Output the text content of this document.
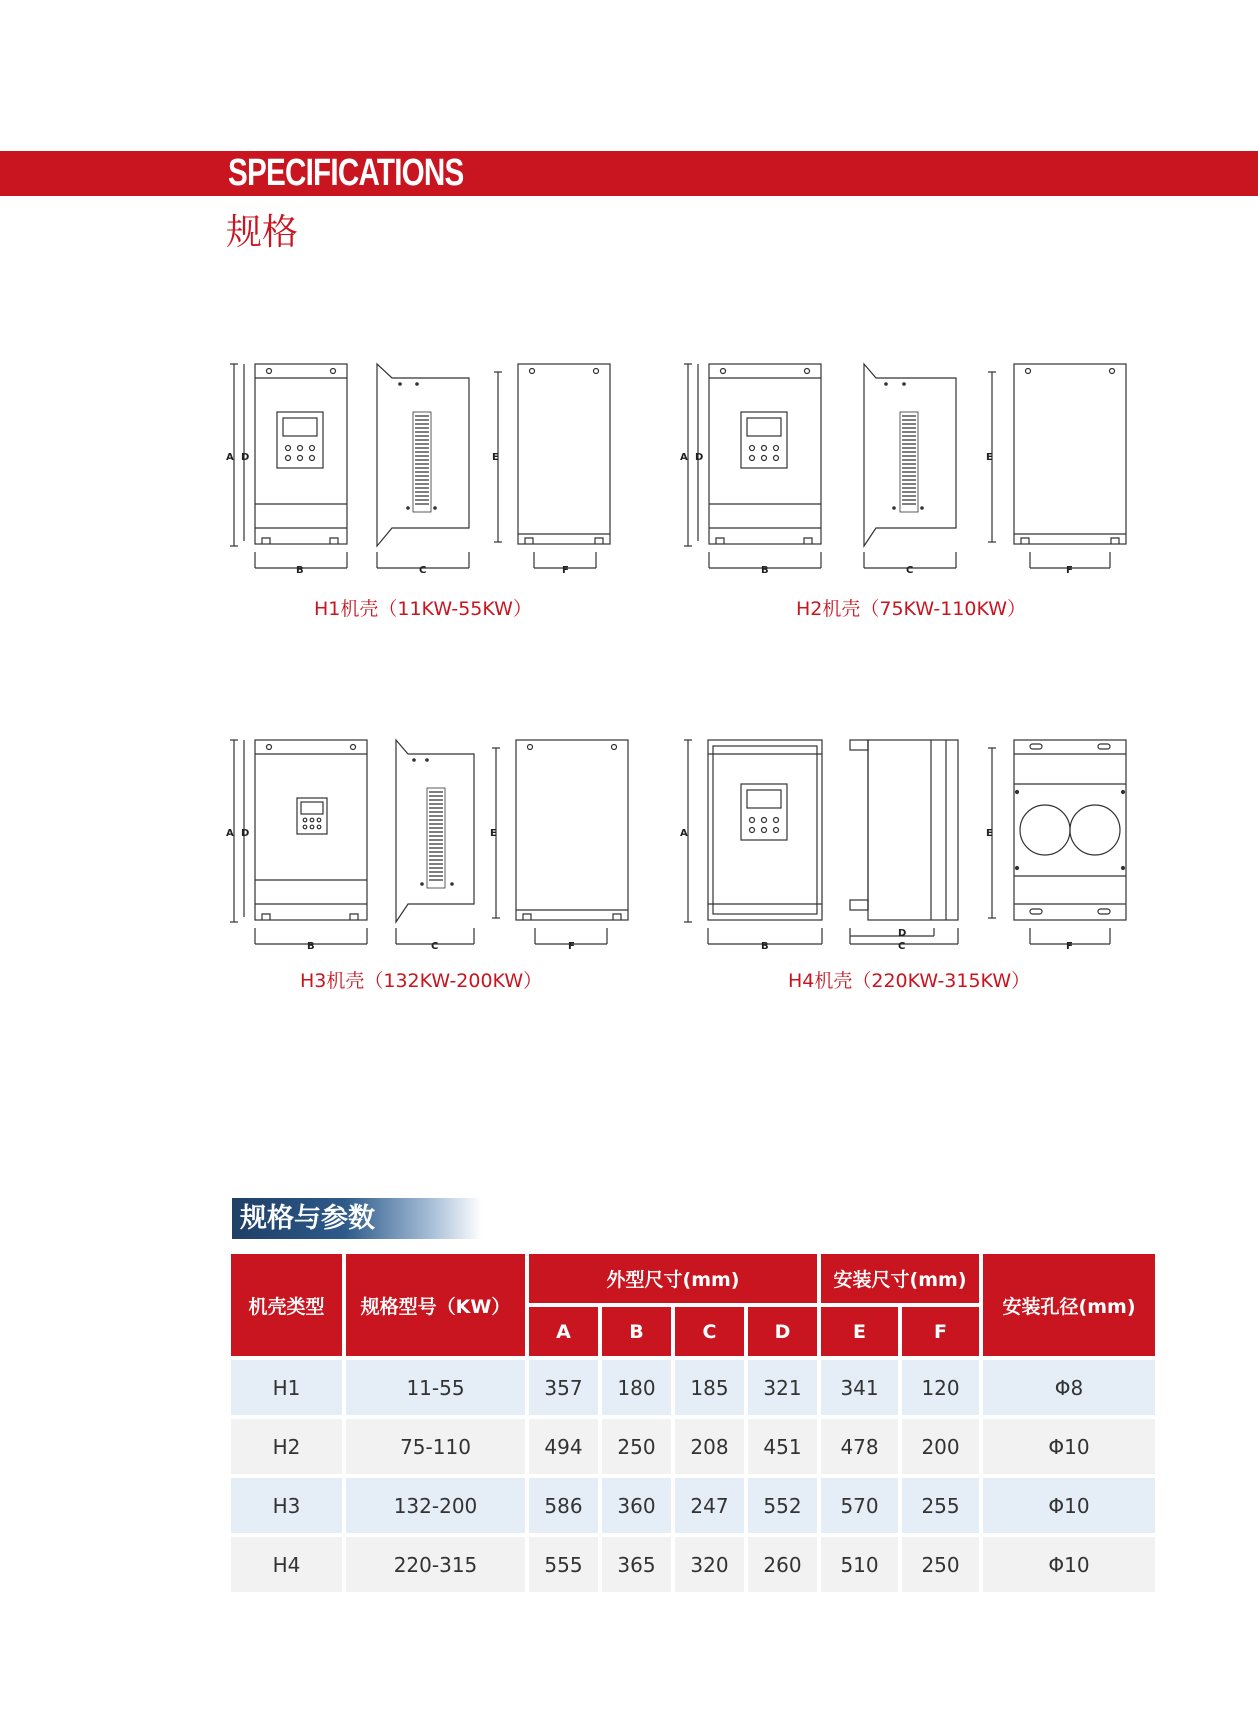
SPECIFICATIONS
规格
A D
B	C
E
F
H1机壳（11KW-55KW）
A D
B	C
E
F
H2机壳（75KW-110KW）
A D
B	C
E
F
H3机壳（132KW-200KW）
A
B
D
C
E
F
H4机壳（220KW-315KW）
规格与参数
机壳类型	规格型号（KW）	外型尺寸(mm)				安装尺寸(mm)		安装孔径(mm)
		A	B	C	D	E	F	
H1	11-55	357	180	185	321	341	120	Φ8
H2	75-110	494	250	208	451	478	200	Φ10
H3	132-200	586	360	247	552	570	255	Φ10
H4	220-315	555	365	320	260	510	250	Φ10
